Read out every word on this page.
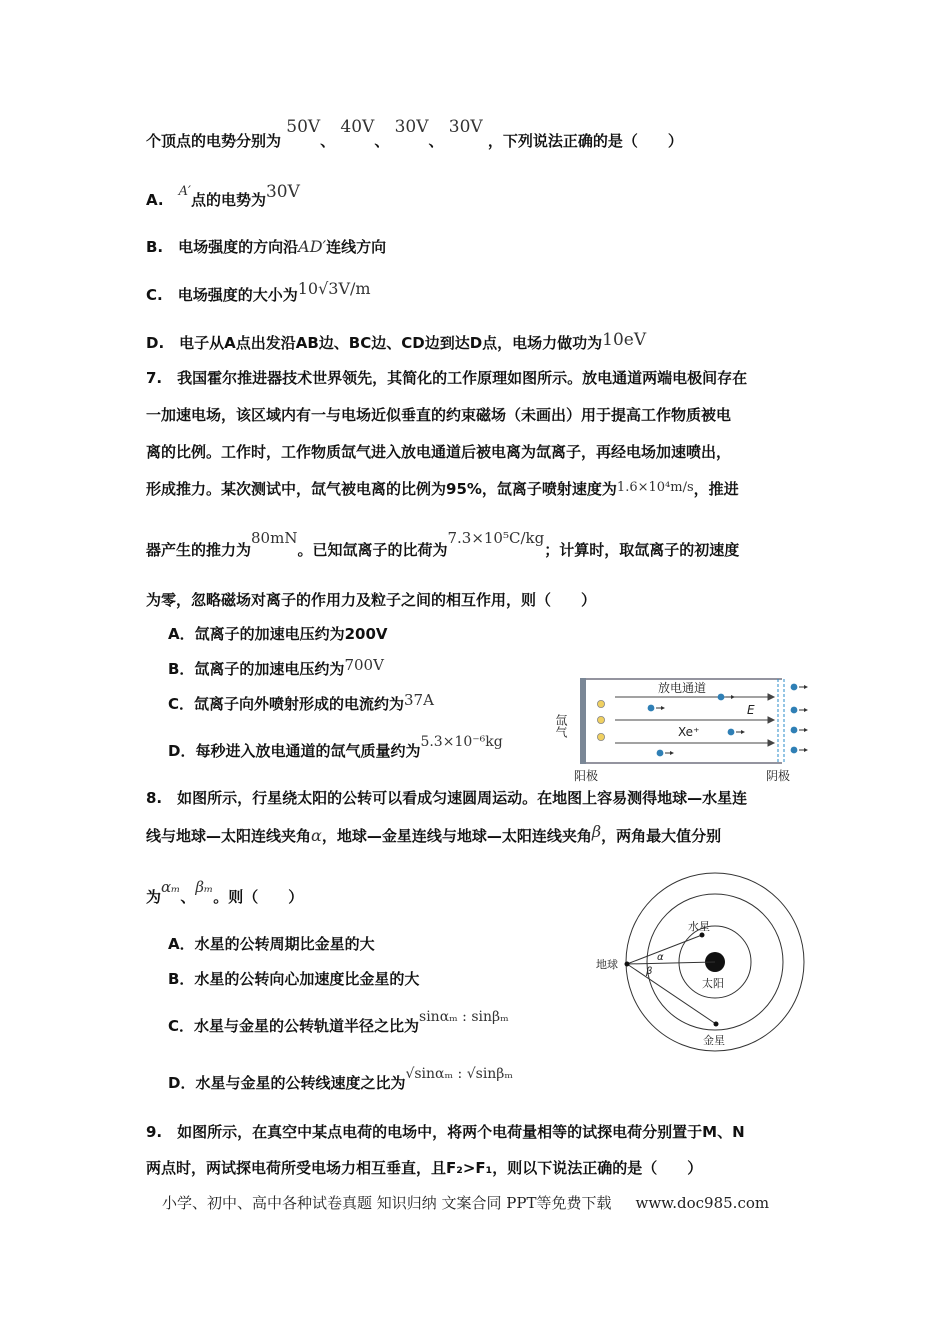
个顶点的电势分别为 50V、 40V、 30V、 30V ，下列说法正确的是（　　）
A.　A′点的电势为30V
B.　电场强度的方向沿AD′连线方向
C.　电场强度的大小为10√3V/m
D.　电子从A点出发沿AB边、BC边、CD边到达D点，电场力做功为10eV
7.　我国霍尔推进器技术世界领先，其简化的工作原理如图所示。放电通道两端电极间存在
一加速电场，该区域内有一与电场近似垂直的约束磁场（未画出）用于提高工作物质被电
离的比例。工作时，工作物质氙气进入放电通道后被电离为氙离子，再经电场加速喷出，
形成推力。某次测试中，氙气被电离的比例为95%，氙离子喷射速度为1.6×10⁴m/s，推进
器产生的推力为80mN。已知氙离子的比荷为7.3×10⁵C/kg；计算时，取氙离子的初速度
为零，忽略磁场对离子的作用力及粒子之间的相互作用，则（　　）
A．氙离子的加速电压约为200V
B．氙离子的加速电压约为700V
C．氙离子向外喷射形成的电流约为37A
D．每秒进入放电通道的氙气质量约为5.3×10⁻⁶kg
放电通道
E
Xe⁺
氙气
阳极	阴极
8.　如图所示，行星绕太阳的公转可以看成匀速圆周运动。在地图上容易测得地球—水星连
线与地球—太阳连线夹角α，地球—金星连线与地球—太阳连线夹角β，两角最大值分别
为αₘ、βₘ。则（　　）
A．水星的公转周期比金星的大
B．水星的公转向心加速度比金星的大
C．水星与金星的公转轨道半径之比为sinαₘ : sinβₘ
D．水星与金星的公转线速度之比为√sinαₘ : √sinβₘ
地球
水星
太阳
金星
α
β
9.　如图所示，在真空中某点电荷的电场中，将两个电荷量相等的试探电荷分别置于M、N
两点时，两试探电荷所受电场力相互垂直，且F₂>F₁，则以下说法正确的是（　　）
小学、初中、高中各种试卷真题 知识归纳 文案合同 PPT等免费下载 www.doc985.com
